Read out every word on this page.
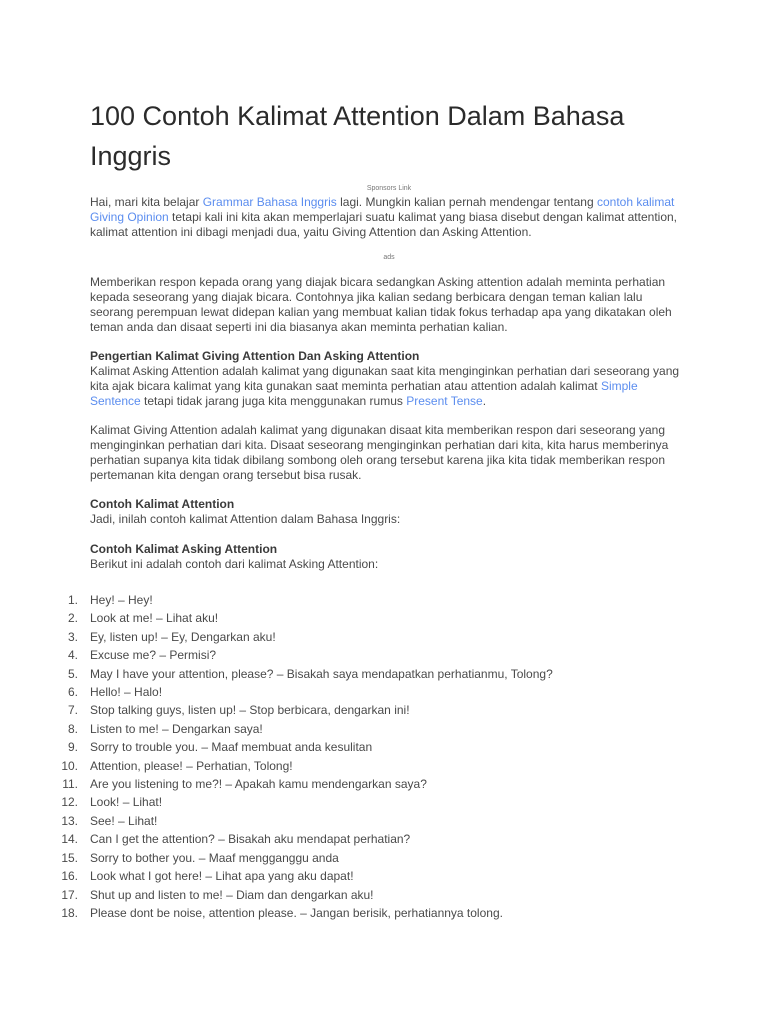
100 Contoh Kalimat Attention Dalam Bahasa Inggris
Sponsors Link

Hai, mari kita belajar Grammar Bahasa Inggris lagi. Mungkin kalian pernah mendengar tentang contoh kalimat Giving Opinion tetapi kali ini kita akan memperlajari suatu kalimat yang biasa disebut dengan kalimat attention, kalimat attention ini dibagi menjadi dua, yaitu Giving Attention dan Asking Attention.

ads

Memberikan respon kepada orang yang diajak bicara sedangkan Asking attention adalah meminta perhatian kepada seseorang yang diajak bicara. Contohnya jika kalian sedang berbicara dengan teman kalian lalu seorang perempuan lewat didepan kalian yang membuat kalian tidak fokus terhadap apa yang dikatakan oleh teman anda dan disaat seperti ini dia biasanya akan meminta perhatian kalian.

Pengertian Kalimat Giving Attention Dan Asking Attention
Kalimat Asking Attention adalah kalimat yang digunakan saat kita menginginkan perhatian dari seseorang yang kita ajak bicara kalimat yang kita gunakan saat meminta perhatian atau attention adalah kalimat Simple Sentence tetapi tidak jarang juga kita menggunakan rumus Present Tense.

Kalimat Giving Attention adalah kalimat yang digunakan disaat kita memberikan respon dari seseorang yang menginginkan perhatian dari kita. Disaat seseorang menginginkan perhatian dari kita, kita harus memberinya perhatian supanya kita tidak dibilang sombong oleh orang tersebut karena jika kita tidak memberikan respon pertemanan kita dengan orang tersebut bisa rusak.

Contoh Kalimat Attention
Jadi, inilah contoh kalimat Attention dalam Bahasa Inggris:

Contoh Kalimat Asking Attention
Berikut ini adalah contoh dari kalimat Asking Attention:

1. Hey! – Hey!
2. Look at me! – Lihat aku!
3. Ey, listen up! – Ey, Dengarkan aku!
4. Excuse me? – Permisi?
5. May I have your attention, please? – Bisakah saya mendapatkan perhatianmu, Tolong?
6. Hello! – Halo!
7. Stop talking guys, listen up! – Stop berbicara, dengarkan ini!
8. Listen to me! – Dengarkan saya!
9. Sorry to trouble you. – Maaf membuat anda kesulitan
10. Attention, please! – Perhatian, Tolong!
11. Are you listening to me?! – Apakah kamu mendengarkan saya?
12. Look! – Lihat!
13. See! – Lihat!
14. Can I get the attention? – Bisakah aku mendapat perhatian?
15. Sorry to bother you. – Maaf mengganggu anda
16. Look what I got here! – Lihat apa yang aku dapat!
17. Shut up and listen to me! – Diam dan dengarkan aku!
18. Please dont be noise, attention please. – Jangan berisik, perhatiannya tolong.
